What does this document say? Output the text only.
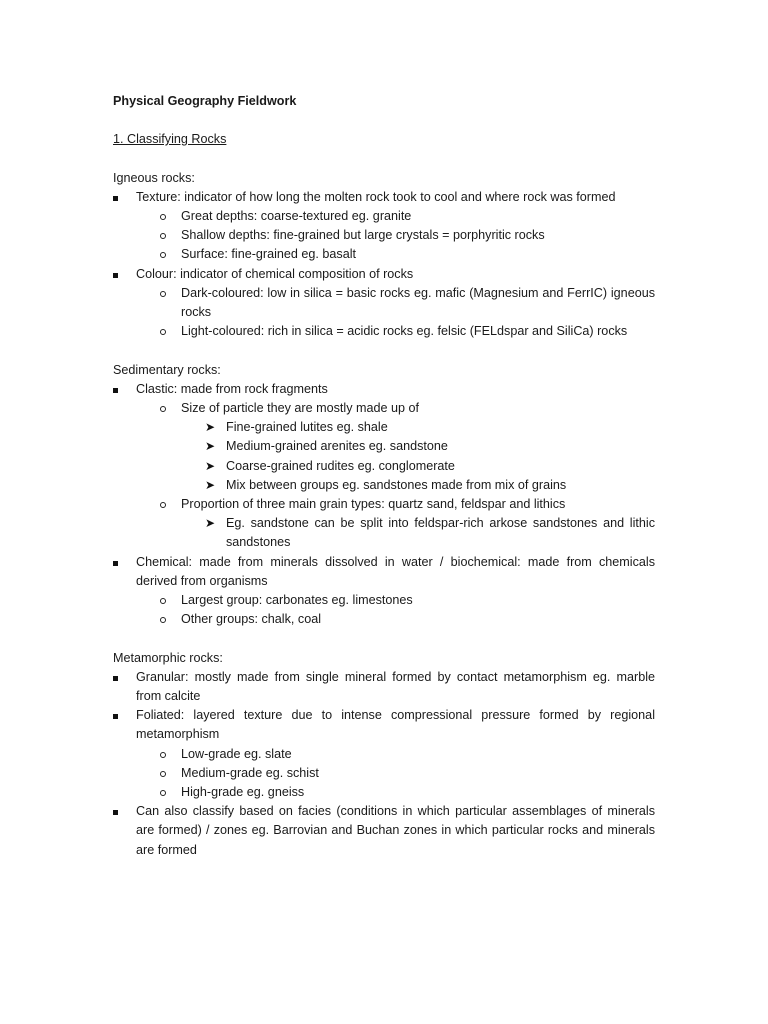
Physical Geography Fieldwork
1. Classifying Rocks
Igneous rocks:
Texture: indicator of how long the molten rock took to cool and where rock was formed
Great depths: coarse-textured eg. granite
Shallow depths: fine-grained but large crystals = porphyritic rocks
Surface: fine-grained eg. basalt
Colour: indicator of chemical composition of rocks
Dark-coloured: low in silica = basic rocks eg. mafic (Magnesium and FerrIC) igneous rocks
Light-coloured: rich in silica = acidic rocks eg. felsic (FELdspar and SiliCa) rocks
Sedimentary rocks:
Clastic: made from rock fragments
Size of particle they are mostly made up of
➤ Fine-grained lutites eg. shale
➤ Medium-grained arenites eg. sandstone
➤ Coarse-grained rudites eg. conglomerate
➤ Mix between groups eg. sandstones made from mix of grains
Proportion of three main grain types: quartz sand, feldspar and lithics
➤ Eg. sandstone can be split into feldspar-rich arkose sandstones and lithic sandstones
Chemical: made from minerals dissolved in water / biochemical: made from chemicals derived from organisms
Largest group: carbonates eg. limestones
Other groups: chalk, coal
Metamorphic rocks:
Granular: mostly made from single mineral formed by contact metamorphism eg. marble from calcite
Foliated: layered texture due to intense compressional pressure formed by regional metamorphism
Low-grade eg. slate
Medium-grade eg. schist
High-grade eg. gneiss
Can also classify based on facies (conditions in which particular assemblages of minerals are formed) / zones eg. Barrovian and Buchan zones in which particular rocks and minerals are formed
